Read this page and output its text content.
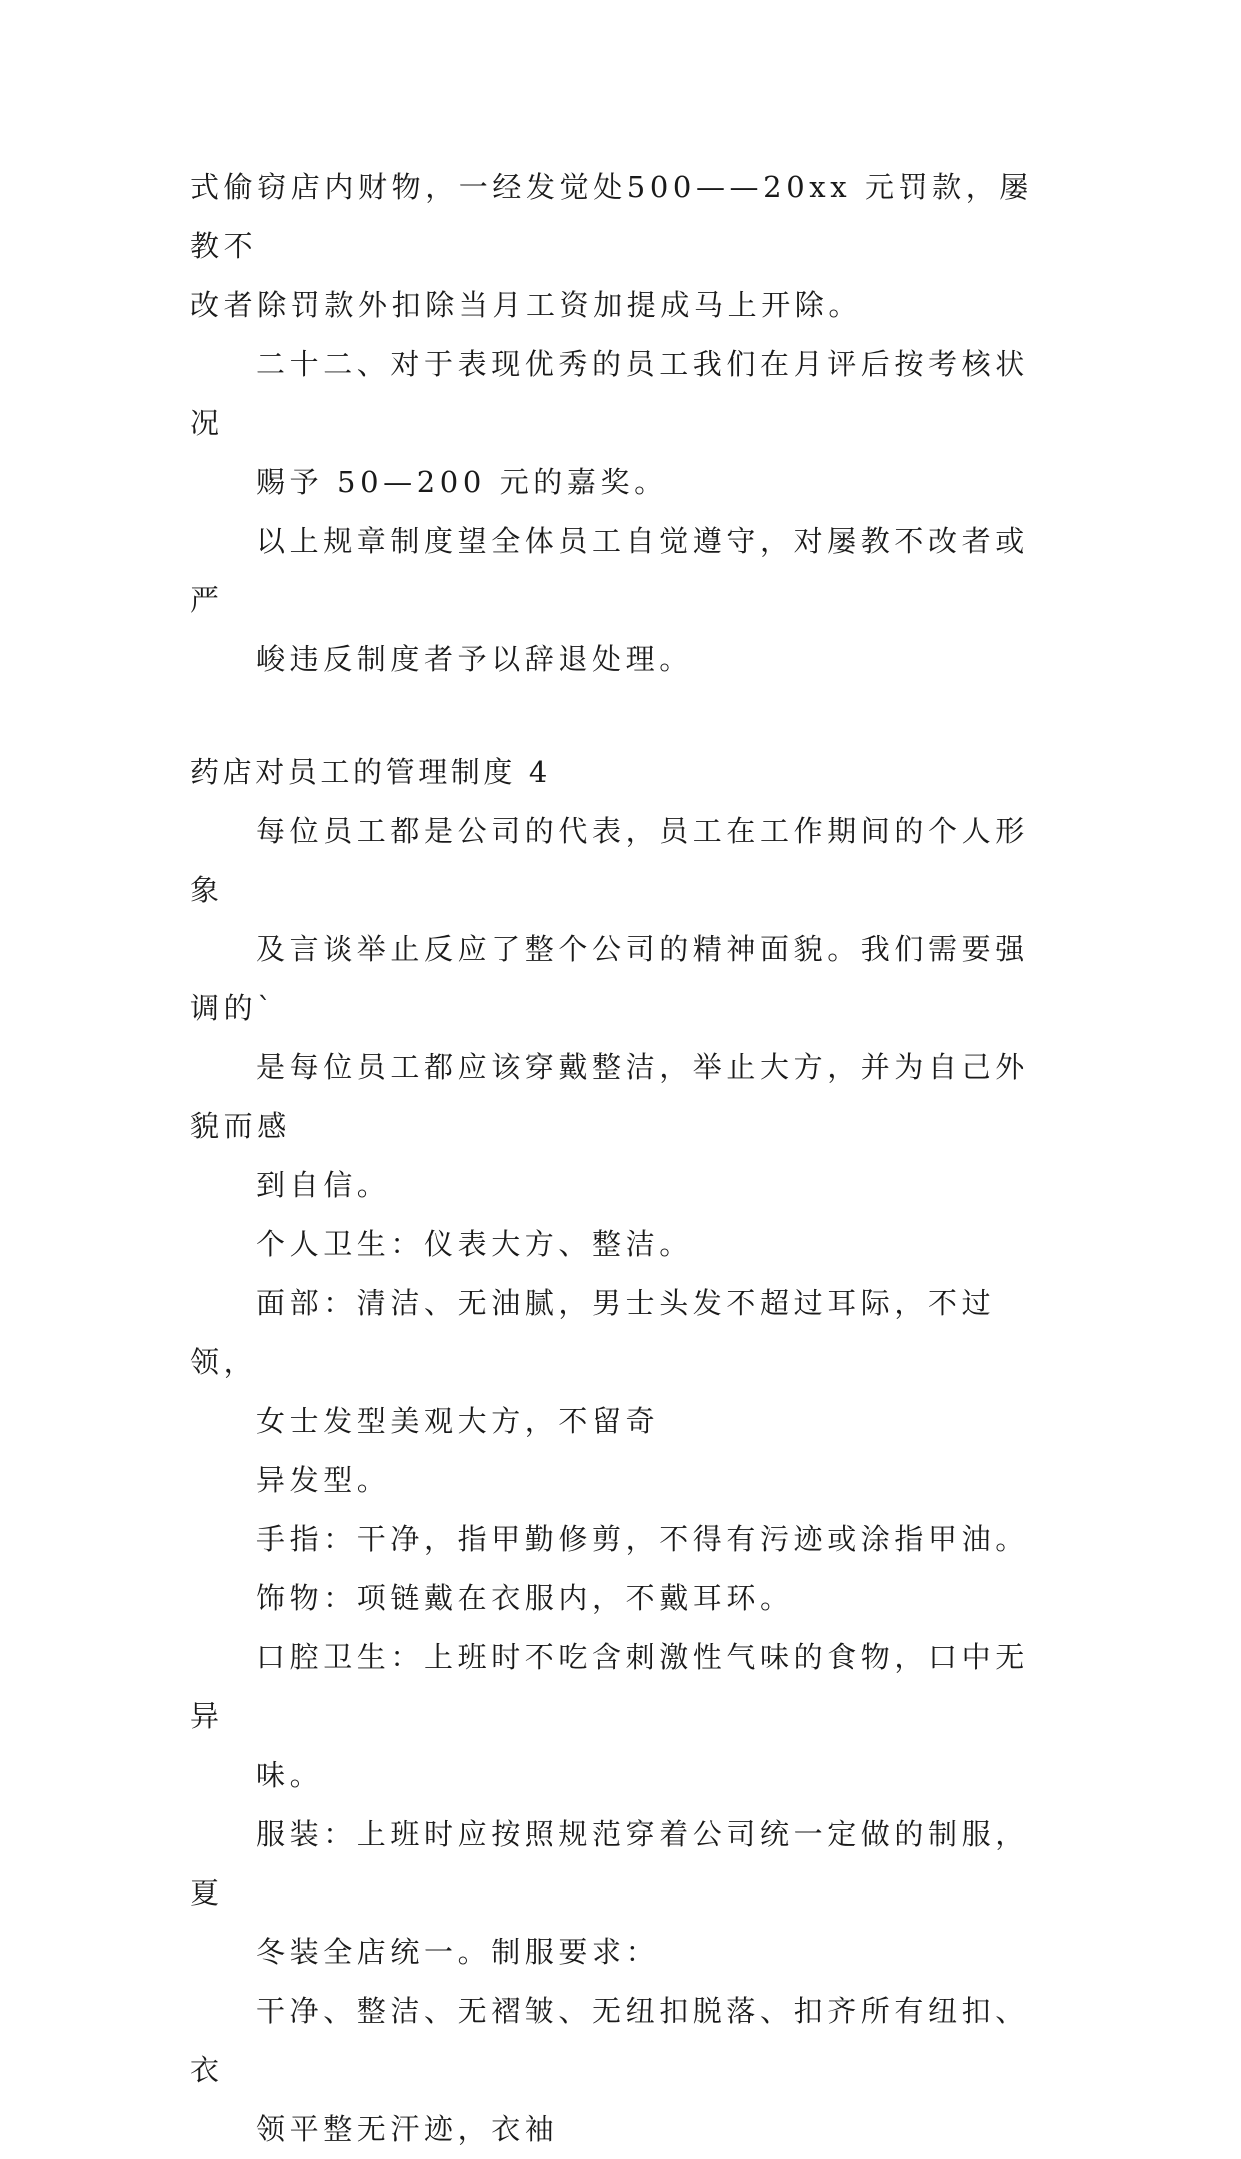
式偷窃店内财物，一经发觉处500——20xx 元罚款，屡教不
改者除罚款外扣除当月工资加提成马上开除。

二十二、对于表现优秀的员工我们在月评后按考核状况
赐予 50—200 元的嘉奖。

以上规章制度望全体员工自觉遵守，对屡教不改者或严
峻违反制度者予以辞退处理。

药店对员工的管理制度 4

每位员工都是公司的代表，员工在工作期间的个人形象
及言谈举止反应了整个公司的精神面貌。我们需要强调的`
是每位员工都应该穿戴整洁，举止大方，并为自己外貌而感
到自信。

个人卫生：仪表大方、整洁。

面部：清洁、无油腻，男士头发不超过耳际，不过领，
女士发型美观大方，不留奇

异发型。

手指：干净，指甲勤修剪，不得有污迹或涂指甲油。

饰物：项链戴在衣服内，不戴耳环。

口腔卫生：上班时不吃含刺激性气味的食物，口中无异
味。

服装：上班时应按照规范穿着公司统一定做的制服，夏
冬装全店统一。制服要求：

干净、整洁、无褶皱、无纽扣脱落、扣齐所有纽扣、衣
领平整无汗迹，衣袖
